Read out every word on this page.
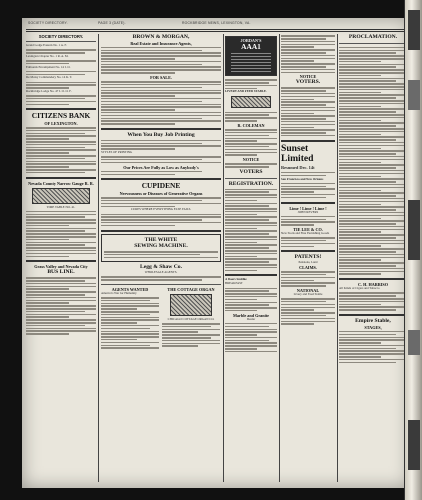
SOCIETY DIRECTORY.	PAGE 3 (DATE).	ROCKBRIDGE NEWS, LEXINGTON, VA.
SOCIETY DIRECTORY.
Grand Lodge Eastern No. 1 A. F.
Lexington Chapter No. 1 R. A. M.
Edmonds Encampment No. 14 I. O.
De Molay Commandery No. 14 K. T.
Rockbridge Lodge No. 47 I. O. O. F.
CITIZENS BANK
OF LEXINGTON.
Nevada County Narrow Gauge R. R.
TIME TABLE NO. 41.
Grass Valley and Nevada City
BUS LINE.
BROWN & MORGAN,
Real Estate and Insurance Agents,
FOR SALE.
When You Buy Job Printing
STYLES OF PRINTING
Our Prices Are Fully as Low as Anybody's
CUPIDENE
Nervousness or Diseases of Generative Organs
CURES WHERE EVERYTHING ELSE FAILS.
THE WHITE
SEWING MACHINE.
Legg & Shaw Co.
WHOLESALE AGENTS.
AGENTS WANTED
America's War for Humanity
THE COTTAGE ORGAN
CHICAGO COTTAGE ORGAN CO.
JORDAN'S
AAA1
LIVERY AND FEED STABLE.
R. COLEMAN
NOTICE
VOTERS
REGISTRATION.
A Doors Smithie
BREAKFAST
Marble and Granite
Dealer
NOTICE
VOTERS.
Sunset
Limited
Resumed Dec. 14t
San Francisco and New Orleans
Lime ! Lime ! Lime !
JOHN REVERS
TIE LEE & CO.
New Stock and Fine Furnishing Goods
PATENTS!
Pensions, Land
CLAIMS.
NATIONAL
Livery and Feed Stable
PROCLAMATION.
C. H. HARRISO
All Kinds of Cigars and Tobacco
Empire Stable,
STAGES,
